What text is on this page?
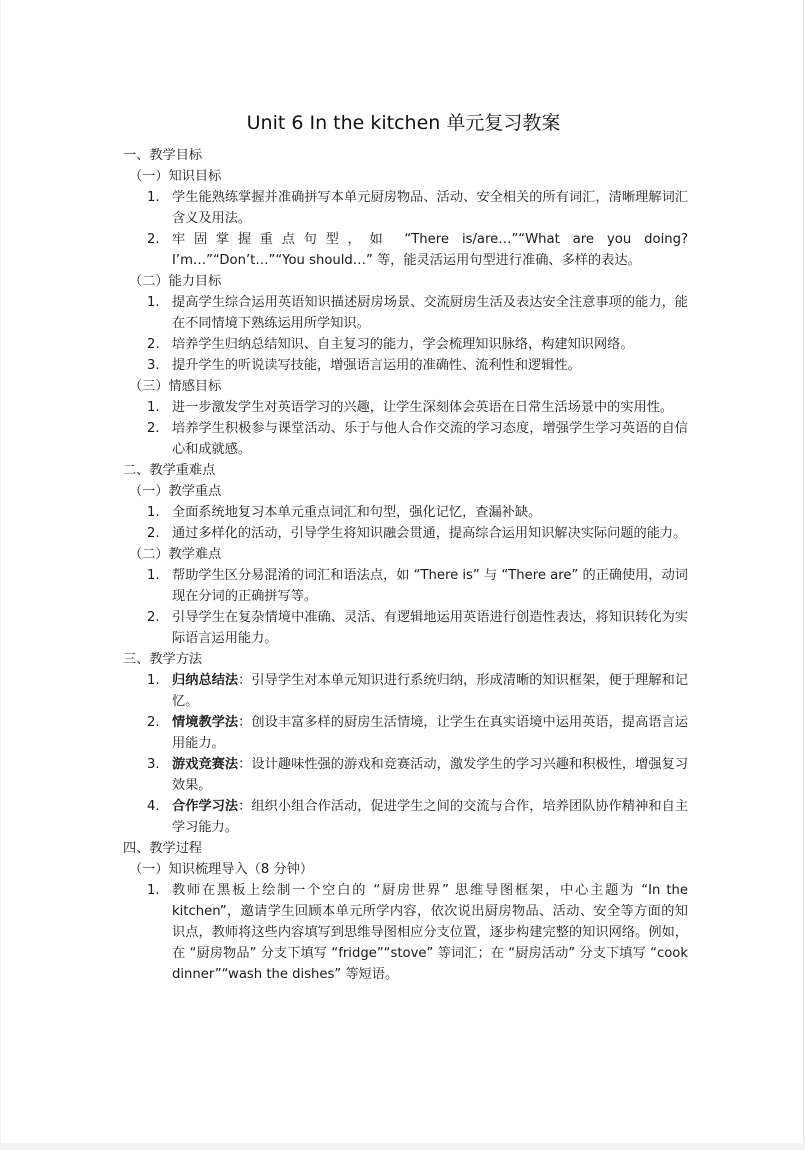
Unit 6 In the kitchen 单元复习教案
一、教学目标
（一）知识目标
1. 学生能熟练掌握并准确拼写本单元厨房物品、活动、安全相关的所有词汇，清晰理解词汇含义及用法。
2. 牢固掌握重点句型，如 “There is/are…”“What are you doing? I’m…”“Don’t…”“You should…” 等，能灵活运用句型进行准确、多样的表达。
（二）能力目标
1. 提高学生综合运用英语知识描述厨房场景、交流厨房生活及表达安全注意事项的能力，能在不同情境下熟练运用所学知识。
2. 培养学生归纳总结知识、自主复习的能力，学会梳理知识脉络，构建知识网络。
3. 提升学生的听说读写技能，增强语言运用的准确性、流利性和逻辑性。
（三）情感目标
1. 进一步激发学生对英语学习的兴趣，让学生深刻体会英语在日常生活场景中的实用性。
2. 培养学生积极参与课堂活动、乐于与他人合作交流的学习态度，增强学生学习英语的自信心和成就感。
二、教学重难点
（一）教学重点
1. 全面系统地复习本单元重点词汇和句型，强化记忆，查漏补缺。
2. 通过多样化的活动，引导学生将知识融会贯通，提高综合运用知识解决实际问题的能力。
（二）教学难点
1. 帮助学生区分易混淆的词汇和语法点，如 “There is” 与 “There are” 的正确使用，动词现在分词的正确拼写等。
2. 引导学生在复杂情境中准确、灵活、有逻辑地运用英语进行创造性表达，将知识转化为实际语言运用能力。
三、教学方法
1. 归纳总结法：引导学生对本单元知识进行系统归纳，形成清晰的知识框架，便于理解和记忆。
2. 情境教学法：创设丰富多样的厨房生活情境，让学生在真实语境中运用英语，提高语言运用能力。
3. 游戏竞赛法：设计趣味性强的游戏和竞赛活动，激发学生的学习兴趣和积极性，增强复习效果。
4. 合作学习法：组织小组合作活动，促进学生之间的交流与合作，培养团队协作精神和自主学习能力。
四、教学过程
（一）知识梳理导入（8 分钟）
1. 教师在黑板上绘制一个空白的 “厨房世界” 思维导图框架，中心主题为 “In the kitchen”，邀请学生回顾本单元所学内容，依次说出厨房物品、活动、安全等方面的知识点，教师将这些内容填写到思维导图相应分支位置，逐步构建完整的知识网络。例如，在 “厨房物品” 分支下填写 “fridge”“stove” 等词汇；在 “厨房活动” 分支下填写 “cook dinner”“wash the dishes” 等短语。
